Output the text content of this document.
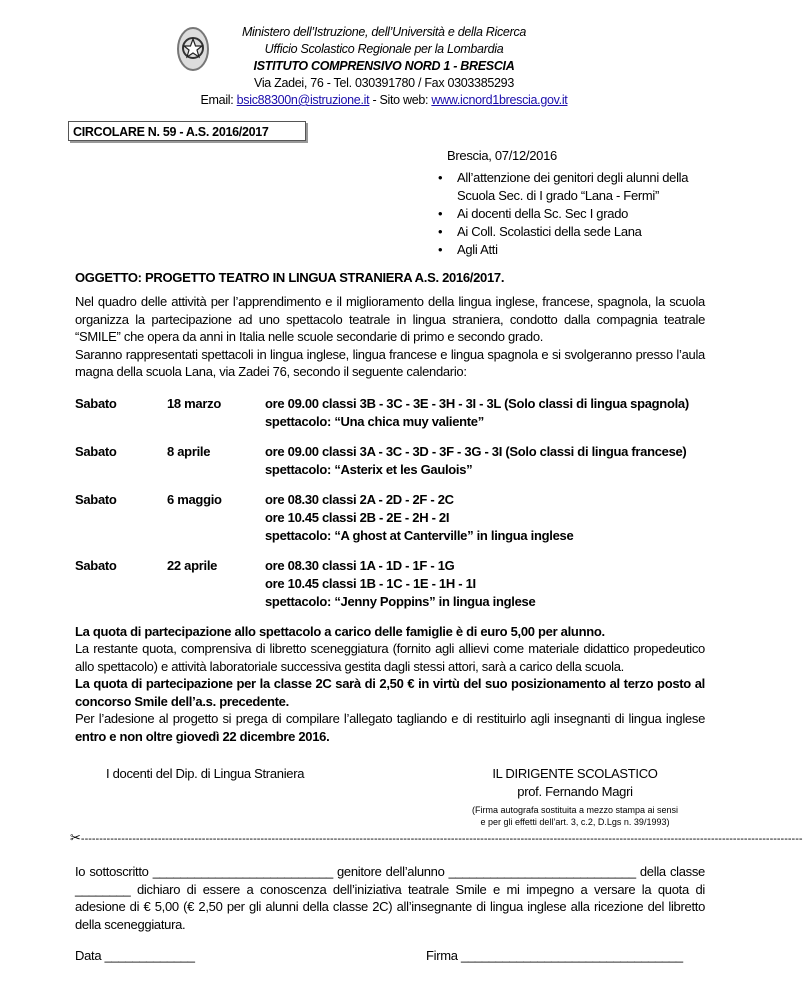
Ministero dell’Istruzione, dell’Università e della Ricerca
Ufficio Scolastico Regionale per la Lombardia
ISTITUTO COMPRENSIVO NORD 1 - BRESCIA
Via Zadei, 76 - Tel. 030391780 / Fax 0303385293
Email: bsic88300n@istruzione.it - Sito web: www.icnord1brescia.gov.it
CIRCOLARE N. 59 - A.S. 2016/2017
Brescia, 07/12/2016
• All’attenzione dei genitori degli alunni della Scuola Sec. di I grado “Lana - Fermi”
• Ai docenti della Sc. Sec I grado
• Ai Coll. Scolastici della sede Lana
• Agli Atti
OGGETTO: PROGETTO TEATRO IN LINGUA STRANIERA A.S. 2016/2017.
Nel quadro delle attività per l’apprendimento e il miglioramento della lingua inglese, francese, spagnola, la scuola organizza la partecipazione ad uno spettacolo teatrale in lingua straniera, condotto dalla compagnia teatrale “SMILE” che opera da anni in Italia nelle scuole secondarie di primo e secondo grado.
Saranno rappresentati spettacoli in lingua inglese, lingua francese e lingua spagnola e si svolgeranno presso l’aula magna della scuola Lana, via Zadei 76, secondo il seguente calendario:
Sabato	18 marzo	ore 09.00 classi 3B - 3C - 3E - 3H - 3I - 3L (Solo classi di lingua spagnola)
spettacolo: “Una chica muy valiente”
Sabato	8 aprile	ore 09.00 classi 3A - 3C - 3D - 3F - 3G - 3I (Solo classi di lingua francese)
spettacolo: “Asterix et les Gaulois”
Sabato	6 maggio	ore 08.30 classi 2A - 2D - 2F - 2C
ore 10.45 classi 2B - 2E - 2H - 2I
spettacolo: “A ghost at Canterville” in lingua inglese
Sabato	22 aprile	ore 08.30 classi 1A - 1D - 1F - 1G
ore 10.45 classi 1B - 1C - 1E - 1H - 1I
spettacolo: “Jenny Poppins” in lingua inglese
La quota di partecipazione allo spettacolo a carico delle famiglie è di euro 5,00 per alunno.
La restante quota, comprensiva di libretto sceneggiatura (fornito agli allievi come materiale didattico propedeutico allo spettacolo) e attività laboratoriale successiva gestita dagli stessi attori, sarà a carico della scuola.
La quota di partecipazione per la classe 2C sarà di 2,50 € in virtù del suo posizionamento al terzo posto al concorso Smile dell’a.s. precedente.
Per l’adesione al progetto si prega di compilare l’allegato tagliando e di restituirlo agli insegnanti di lingua inglese entro e non oltre giovedì 22 dicembre 2016.
I docenti del Dip. di Lingua Straniera	IL DIRIGENTE SCOLASTICO
prof. Fernando Magri
(Firma autografa sostituita a mezzo stampa ai sensi
e per gli effetti dell’art. 3, c.2, D.Lgs n. 39/1993)
✂-----------------------------------------------------------------------------------------------------------------------------------------------------------------------------------------------------
Io sottoscritto __________________________ genitore dell’alunno ___________________________ della classe ________ dichiaro di essere a conoscenza dell’iniziativa teatrale Smile e mi impegno a versare la quota di adesione di € 5,00 (€ 2,50 per gli alunni della classe 2C) all’insegnante di lingua inglese alla ricezione del libretto della sceneggiatura.
Data _____________	Firma ________________________________
